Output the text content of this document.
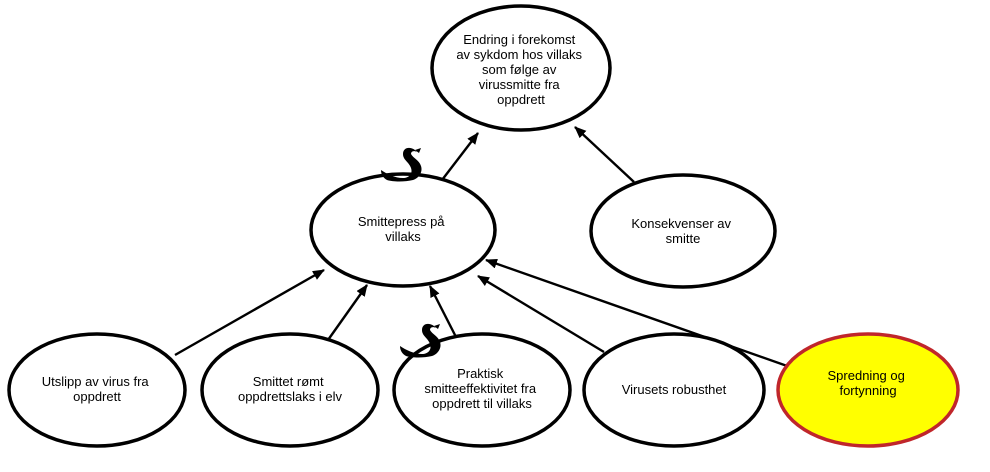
Endring i forekomst av sykdom hos villaks som følge av virussmitte fra oppdrett
Smittepress på villaks
Konsekvenser av smitte
Utslipp av virus fra oppdrett
Smittet rømt oppdrettslaks i elv
Praktisk smitteeffektivitet fra oppdrett til villaks
Virusets robusthet
Spredning og fortynning
